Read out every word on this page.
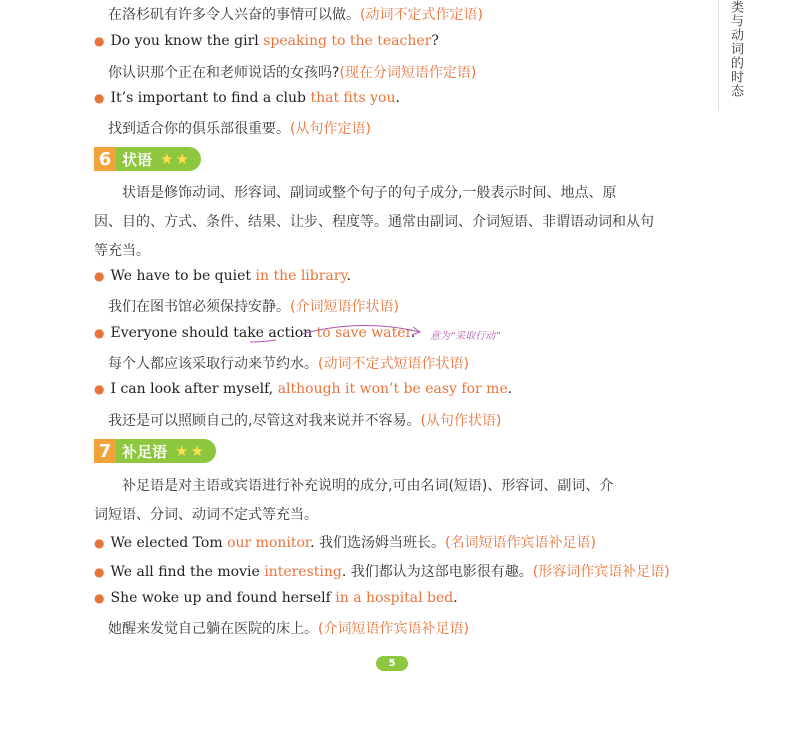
类与动词的时态
在洛杉矶有许多令人兴奋的事情可以做。(动词不定式作定语)
● Do you know the girl speaking to the teacher?
你认识那个正在和老师说话的女孩吗?(现在分词短语作定语)
● It’s important to find a club that fits you.
找到适合你的俱乐部很重要。(从句作定语)
6 状语 ★★
状语是修饰动词、形容词、副词或整个句子的句子成分,一般表示时间、地点、原
因、目的、方式、条件、结果、让步、程度等。通常由副词、介词短语、非谓语动词和从句
等充当。
● We have to be quiet in the library.
我们在图书馆必须保持安静。(介词短语作状语)
● Everyone should take action to save water. 意为“采取行动”
每个人都应该采取行动来节约水。(动词不定式短语作状语)
● I can look after myself, although it won’t be easy for me.
我还是可以照顾自己的,尽管这对我来说并不容易。(从句作状语)
7 补足语 ★★
补足语是对主语或宾语进行补充说明的成分,可由名词(短语)、形容词、副词、介
词短语、分词、动词不定式等充当。
● We elected Tom our monitor. 我们选汤姆当班长。(名词短语作宾语补足语)
● We all find the movie interesting. 我们都认为这部电影很有趣。(形容词作宾语补足语)
● She woke up and found herself in a hospital bed.
她醒来发觉自己躺在医院的床上。(介词短语作宾语补足语)
5
